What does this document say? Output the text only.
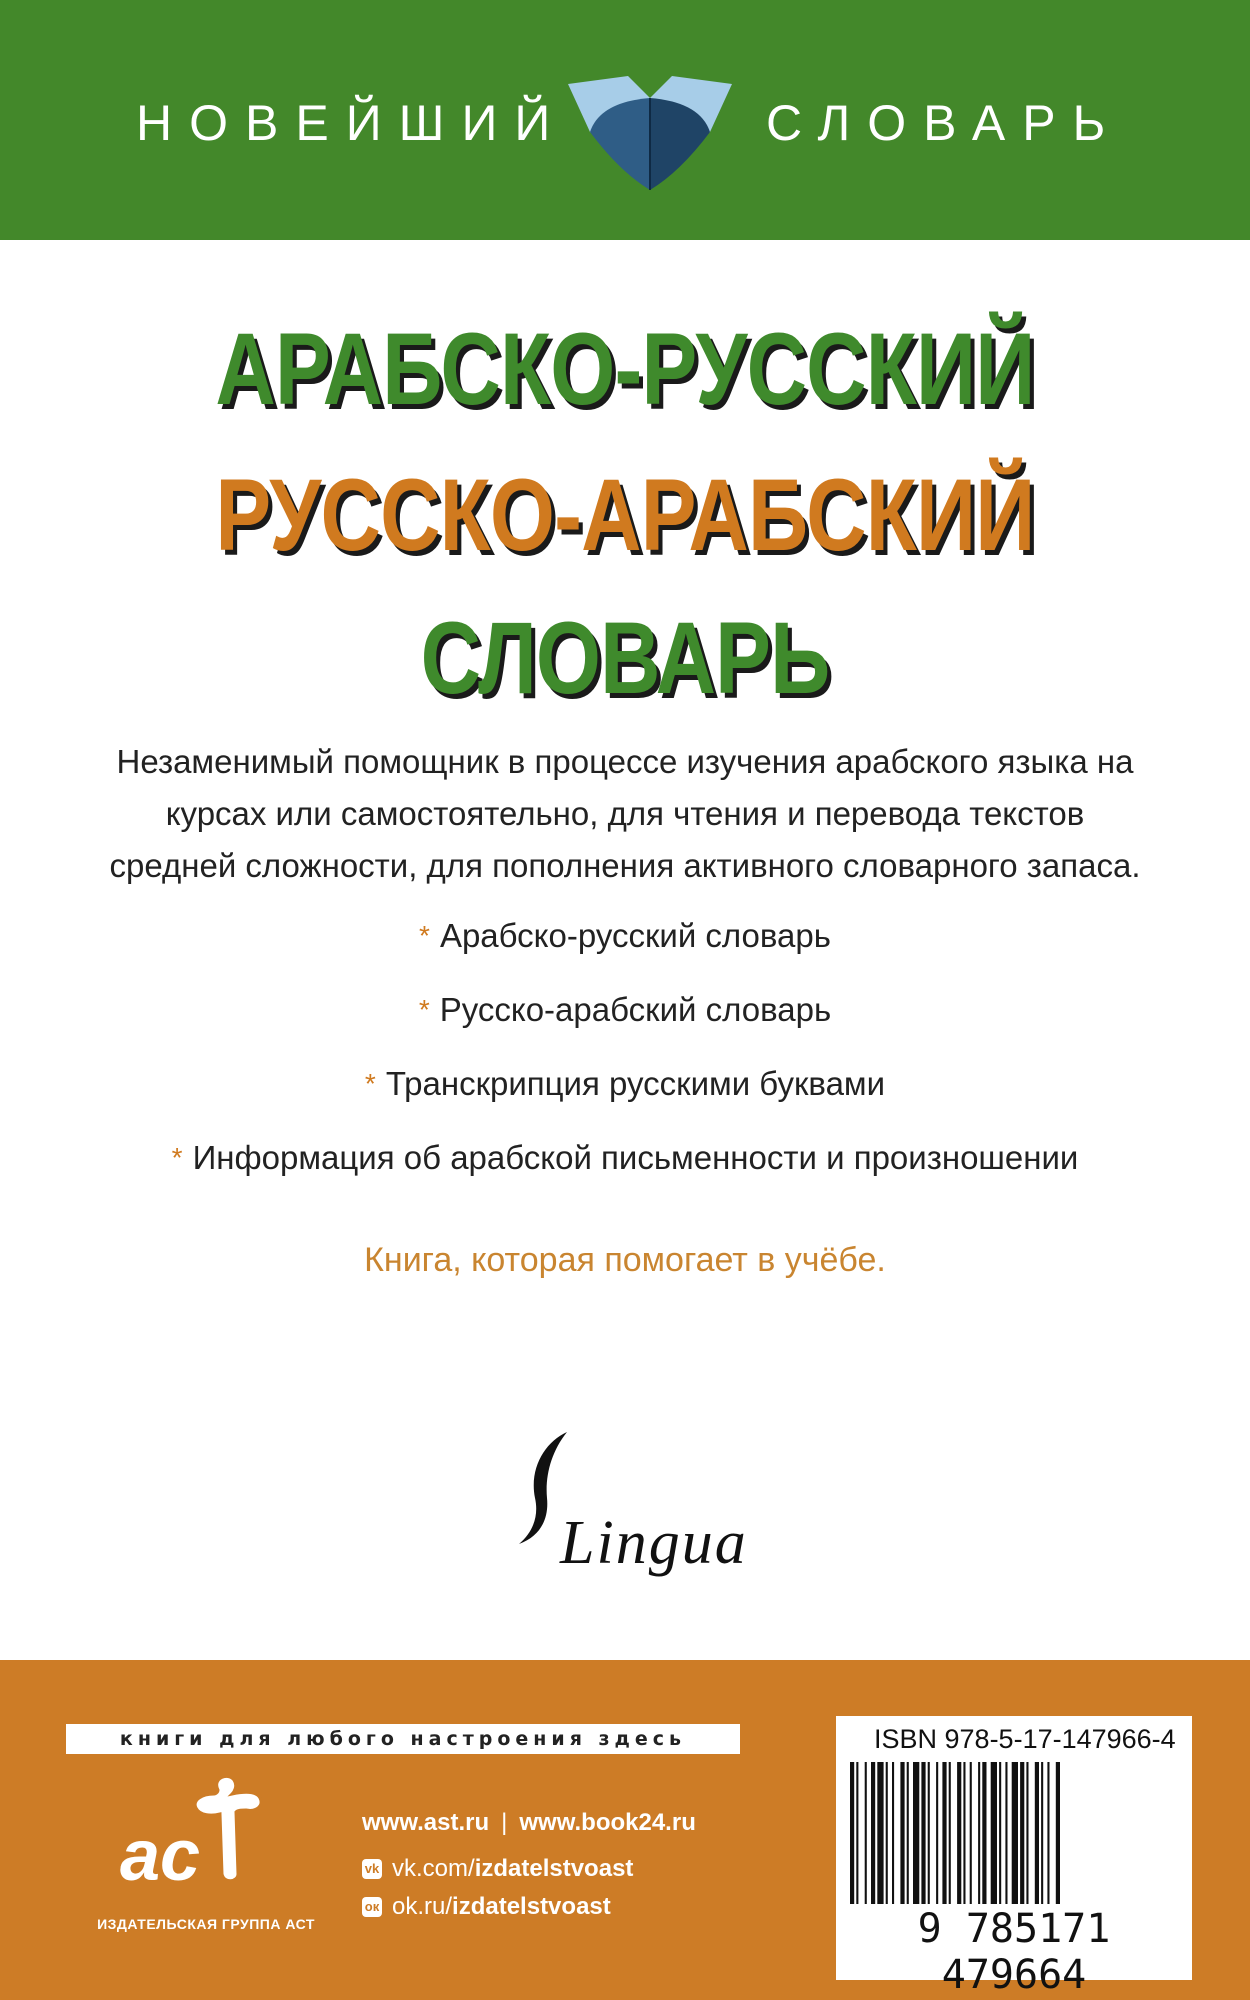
НОВЕЙШИЙ	СЛОВАРЬ
АРАБСКО-РУССКИЙ
РУССКО-АРАБСКИЙ
СЛОВАРЬ
Незаменимый помощник в процессе изучения арабского языка на курсах или самостоятельно, для чтения и перевода текстов средней сложности, для пополнения активного словарного запаса.
* Арабско-русский словарь
* Русско-арабский словарь
* Транскрипция русскими буквами
* Информация об арабской письменности и произношении
Книга, которая помогает в учёбе.
Lingua
книги для любого настроения здесь
ac
ИЗДАТЕЛЬСКАЯ ГРУППА АСТ
www.ast.ru | www.book24.ru
vk vk.com/izdatelstvoast
ок ok.ru/izdatelstvoast
ISBN 978-5-17-147966-4
9 785171 479664
